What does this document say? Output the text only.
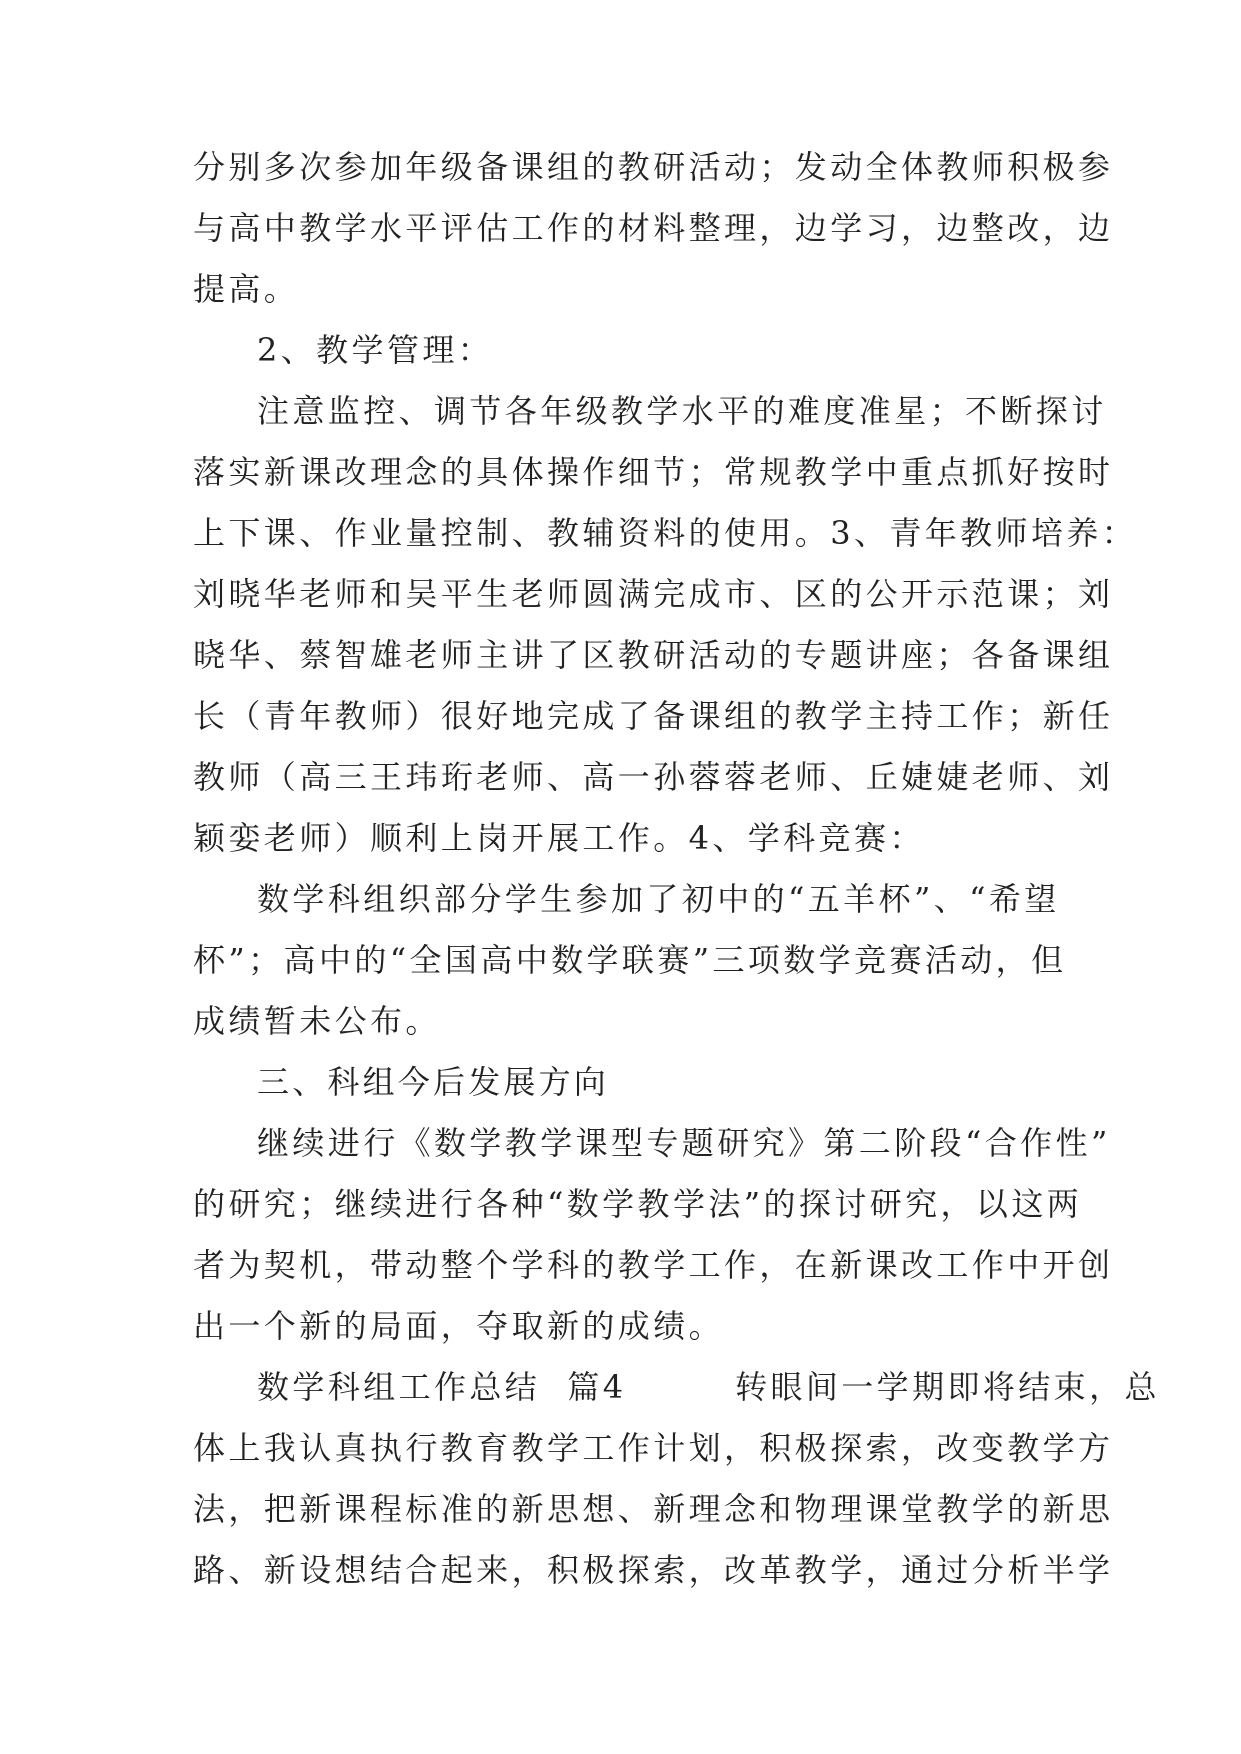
分别多次参加年级备课组的教研活动；发动全体教师积极参
与高中教学水平评估工作的材料整理，边学习，边整改，边
提高。
2、教学管理：
注意监控、调节各年级教学水平的难度准星；不断探讨
落实新课改理念的具体操作细节；常规教学中重点抓好按时
上下课、作业量控制、教辅资料的使用。3、青年教师培养：
刘晓华老师和吴平生老师圆满完成市、区的公开示范课；刘
晓华、蔡智雄老师主讲了区教研活动的专题讲座；各备课组
长（青年教师）很好地完成了备课组的教学主持工作；新任
教师（高三王玮珩老师、高一孙蓉蓉老师、丘婕婕老师、刘
颖娈老师）顺利上岗开展工作。4、学科竞赛：
数学科组织部分学生参加了初中的“五羊杯”、“希望
杯”；高中的“全国高中数学联赛”三项数学竞赛活动，但
成绩暂未公布。
三、科组今后发展方向
继续进行《数学教学课型专题研究》第二阶段“合作性”
的研究；继续进行各种“数学教学法”的探讨研究，以这两
者为契机，带动整个学科的教学工作，在新课改工作中开创
出一个新的局面，夺取新的成绩。
数学科组工作总结  篇4        转眼间一学期即将结束，总
体上我认真执行教育教学工作计划，积极探索，改变教学方
法，把新课程标准的新思想、新理念和物理课堂教学的新思
路、新设想结合起来，积极探索，改革教学，通过分析半学
